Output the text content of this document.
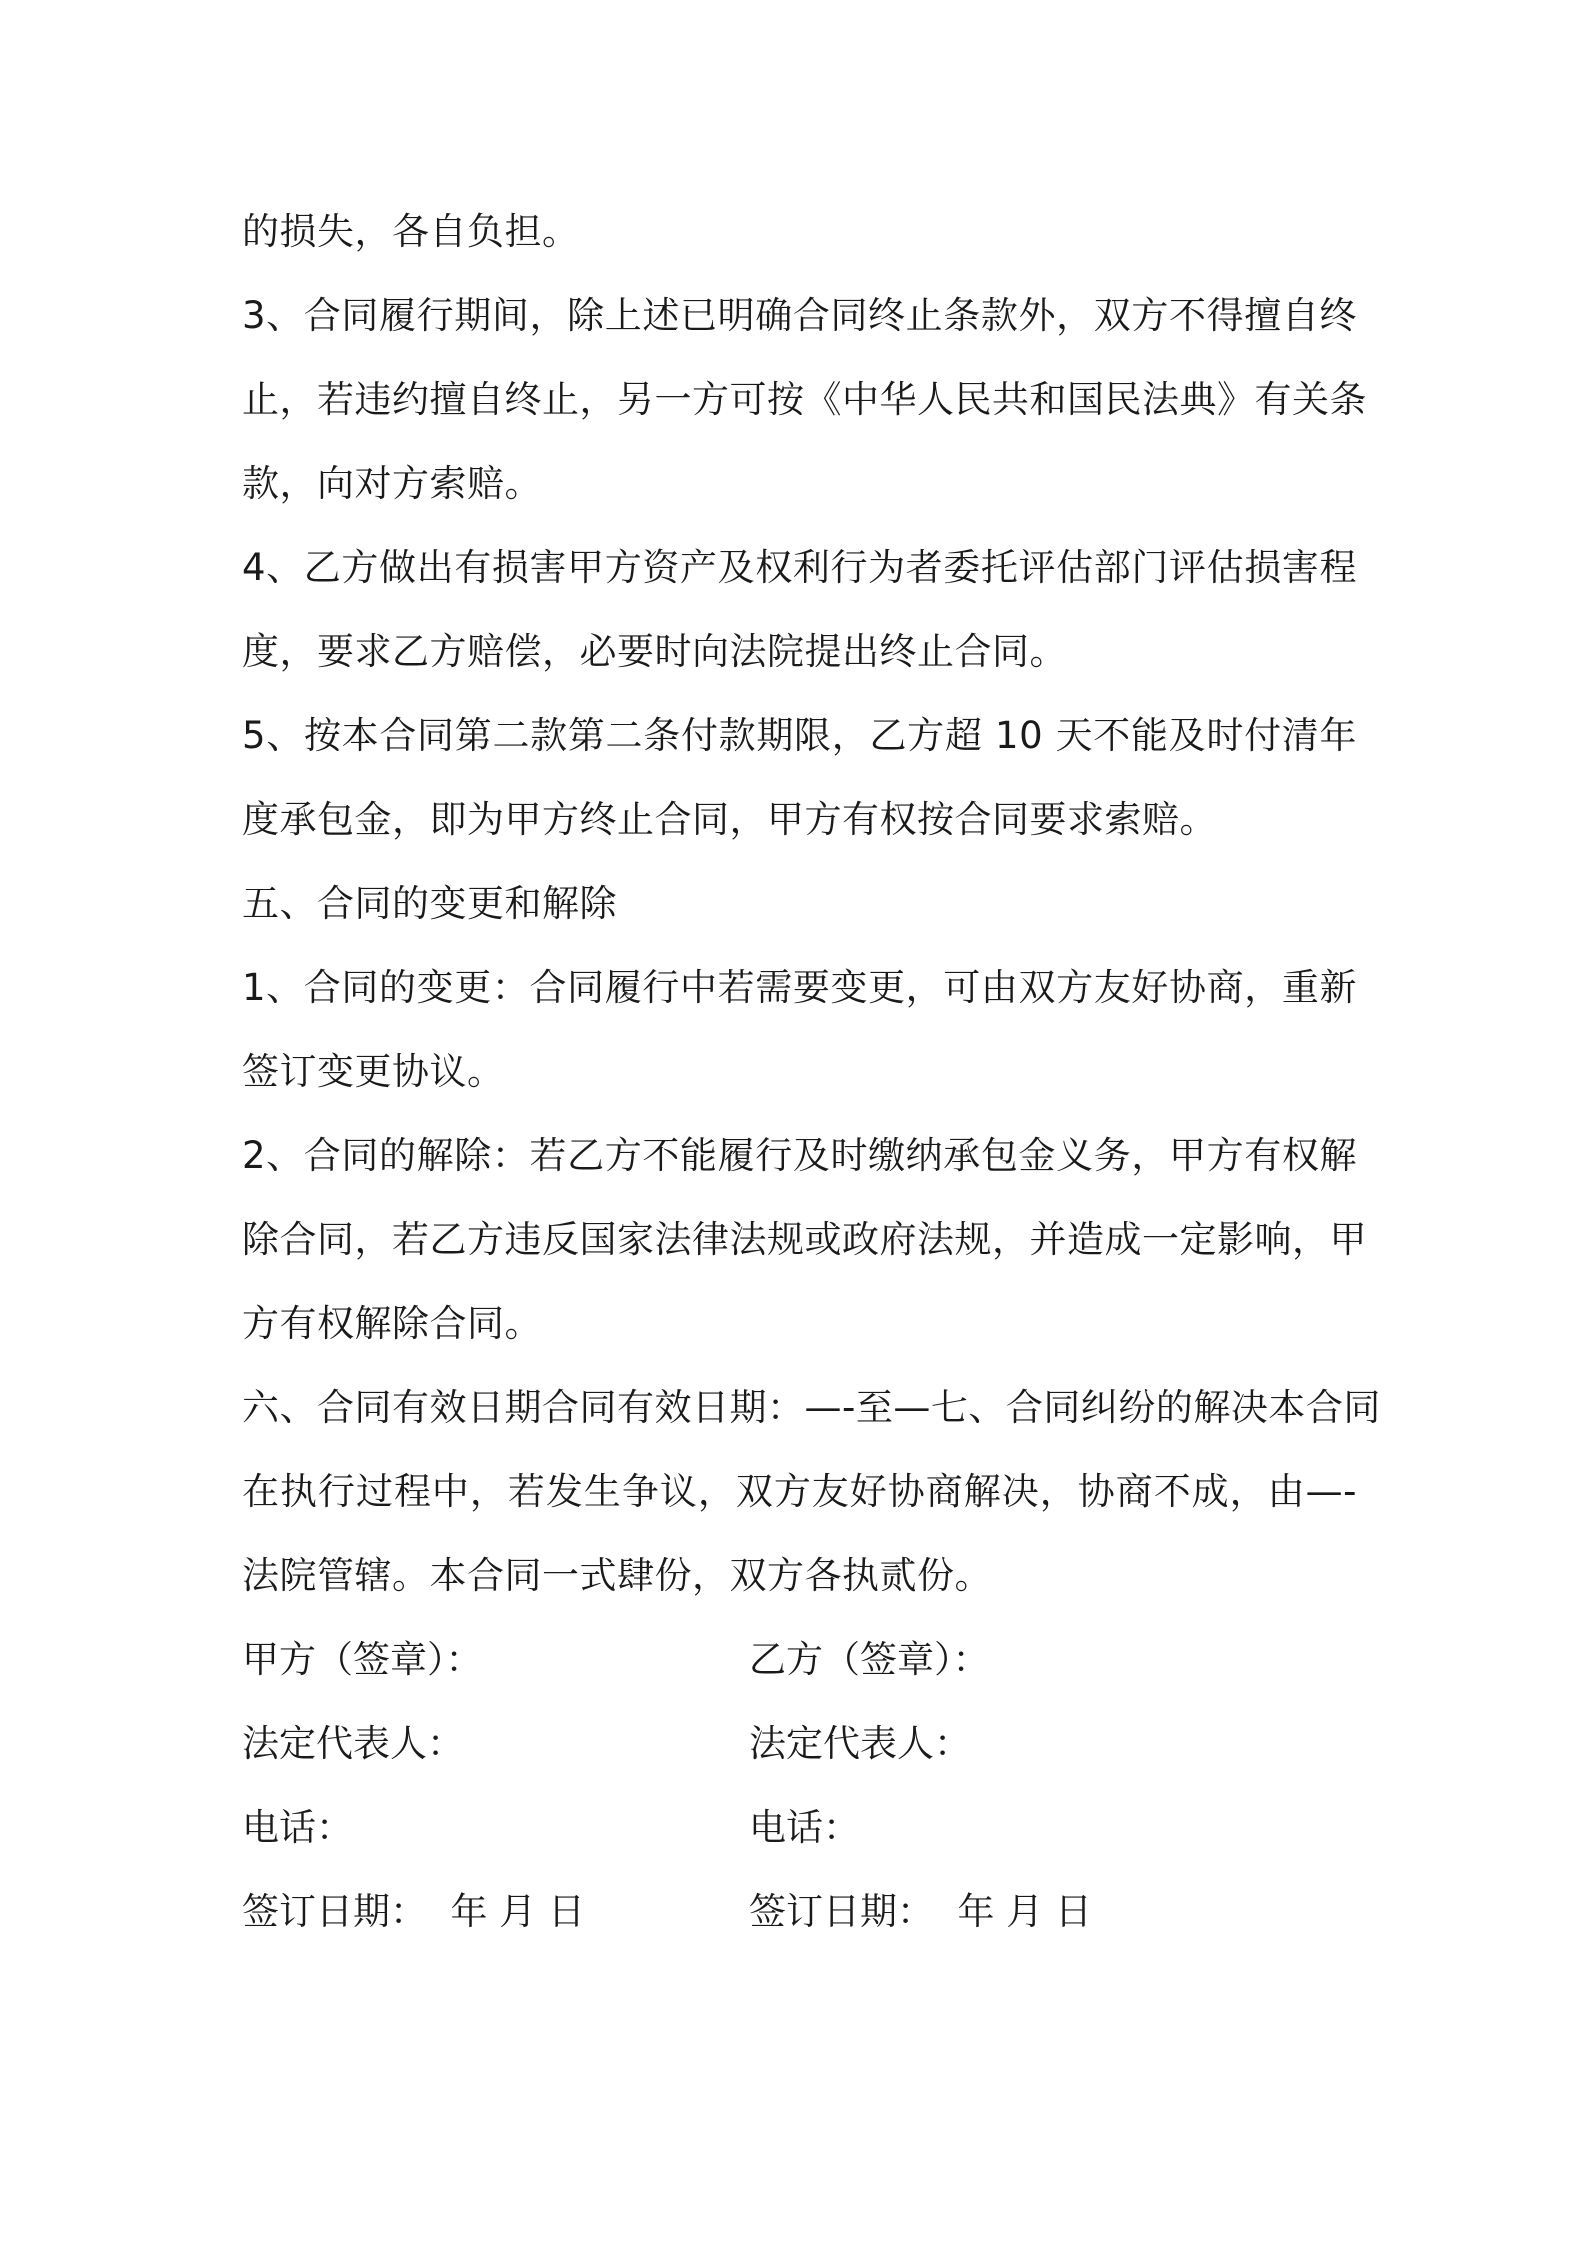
的损失，各自负担。
3、合同履行期间，除上述已明确合同终止条款外，双方不得擅自终
止，若违约擅自终止，另一方可按《中华人民共和国民法典》有关条
款，向对方索赔。
4、乙方做出有损害甲方资产及权利行为者委托评估部门评估损害程
度，要求乙方赔偿，必要时向法院提出终止合同。
5、按本合同第二款第二条付款期限，乙方超 10 天不能及时付清年
度承包金，即为甲方终止合同，甲方有权按合同要求索赔。
五、合同的变更和解除
1、合同的变更：合同履行中若需要变更，可由双方友好协商，重新
签订变更协议。
2、合同的解除：若乙方不能履行及时缴纳承包金义务，甲方有权解
除合同，若乙方违反国家法律法规或政府法规，并造成一定影响，甲
方有权解除合同。
六、合同有效日期合同有效日期：—-至—七、合同纠纷的解决本合同
在执行过程中，若发生争议，双方友好协商解决，协商不成，由—-
法院管辖。本合同一式肆份，双方各执贰份。
甲方（签章）：	乙方（签章）：
法定代表人：	法定代表人：
电话：	电话：
签订日期：  年 月 日	签订日期：  年 月 日
